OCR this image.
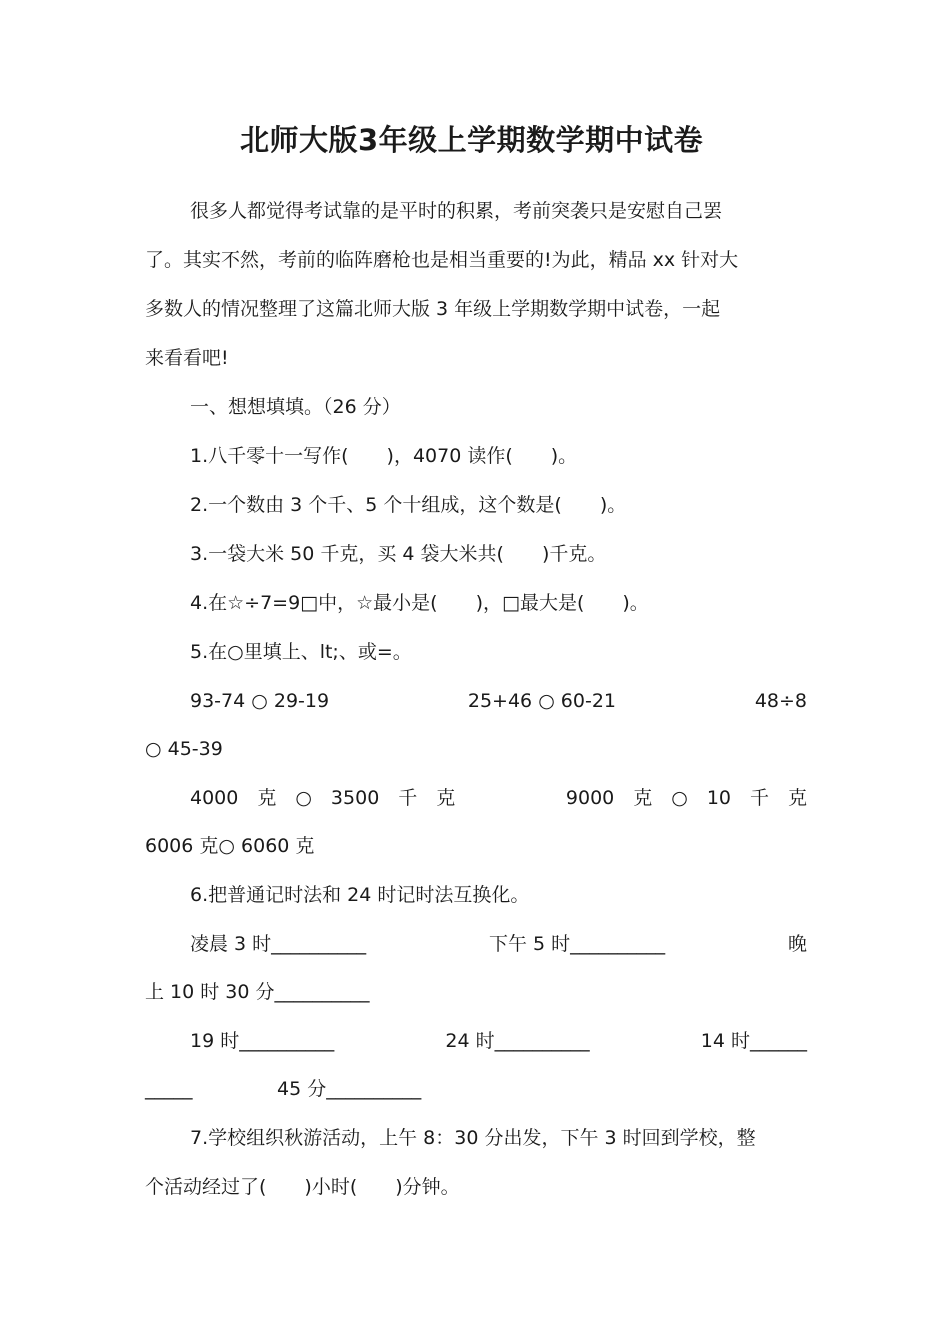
北师大版3年级上学期数学期中试卷
很多人都觉得考试靠的是平时的积累，考前突袭只是安慰自己罢
了。其实不然，考前的临阵磨枪也是相当重要的!为此，精品 xx 针对大
多数人的情况整理了这篇北师大版 3 年级上学期数学期中试卷，一起
来看看吧!
一、想想填填。（26 分）
1.八千零十一写作(　　)，4070 读作(　　)。
2.一个数由 3 个千、5 个十组成，这个数是(　　)。
3.一袋大米 50 千克，买 4 袋大米共(　　)千克。
4.在☆÷7=9□中，☆最小是(　　)，□最大是(　　)。
5.在○里填上、lt;、或=。
93-74 ○ 29-19	25+46 ○ 60-21	48÷8
○ 45-39
4000　克　○　3500　千　克	9000　克　○　10　千　克
6006 克○ 6060 克
6.把普通记时法和 24 时记时法互换化。
凌晨 3 时__________	下午 5 时__________	晚
上 10 时 30 分__________
19 时__________	24 时__________	14 时______
_____	45 分__________
7.学校组织秋游活动，上午 8：30 分出发，下午 3 时回到学校，整
个活动经过了(　　)小时(　　)分钟。
